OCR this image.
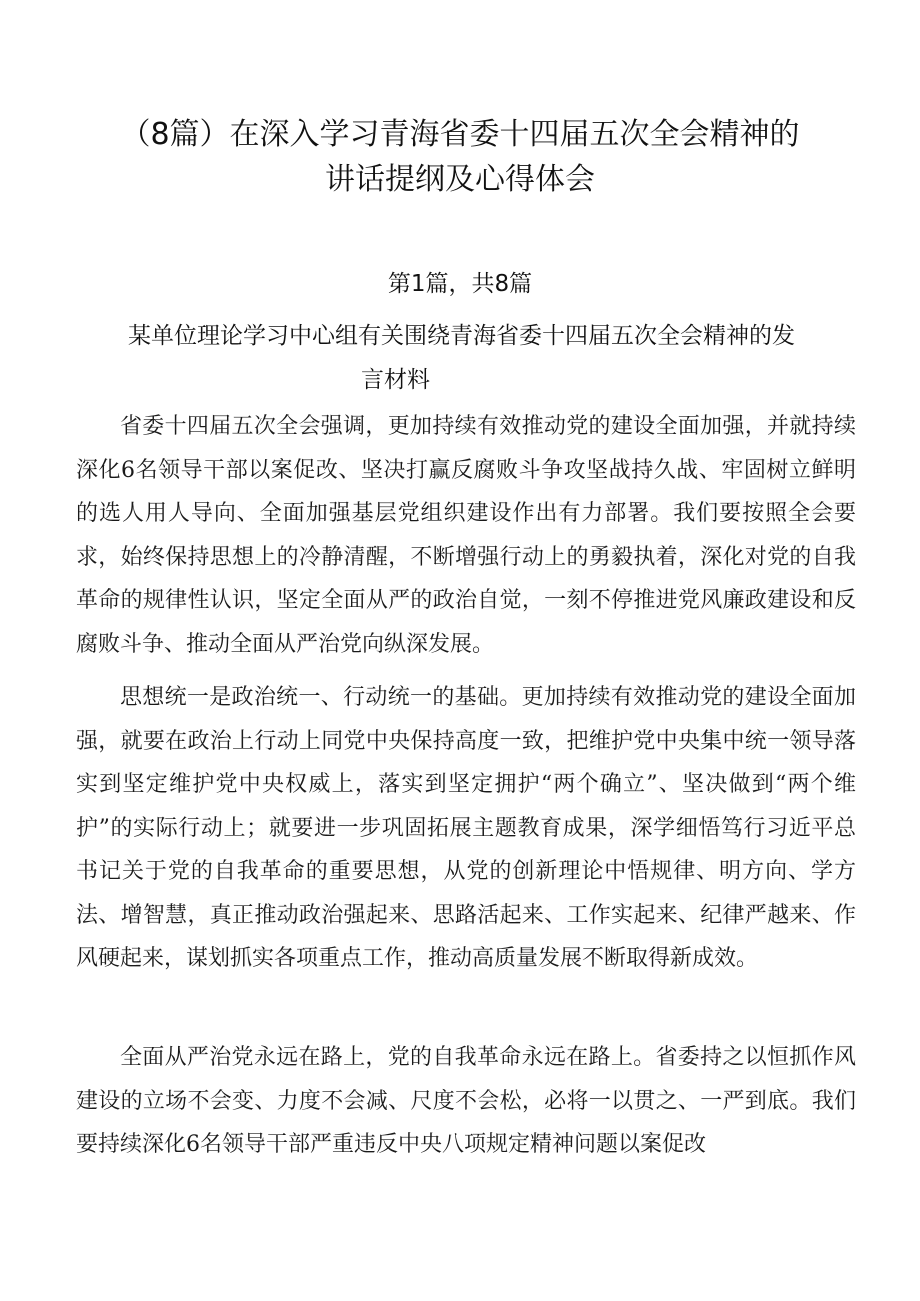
（8篇）在深入学习青海省委十四届五次全会精神的
讲话提纲及心得体会
第1篇，共8篇
某单位理论学习中心组有关围绕青海省委十四届五次全会精神的发
言材料

省委十四届五次全会强调，更加持续有效推动党的建设全面加强，并就持续深化6名领导干部以案促改、坚决打赢反腐败斗争攻坚战持久战、牢固树立鲜明的选人用人导向、全面加强基层党组织建设作出有力部署。我们要按照全会要求，始终保持思想上的冷静清醒，不断增强行动上的勇毅执着，深化对党的自我革命的规律性认识，坚定全面从严的政治自觉，一刻不停推进党风廉政建设和反腐败斗争、推动全面从严治党向纵深发展。

思想统一是政治统一、行动统一的基础。更加持续有效推动党的建设全面加强，就要在政治上行动上同党中央保持高度一致，把维护党中央集中统一领导落实到坚定维护党中央权威上，落实到坚定拥护“两个确立”、坚决做到“两个维护”的实际行动上；就要进一步巩固拓展主题教育成果，深学细悟笃行习近平总书记关于党的自我革命的重要思想，从党的创新理论中悟规律、明方向、学方法、增智慧，真正推动政治强起来、思路活起来、工作实起来、纪律严越来、作风硬起来，谋划抓实各项重点工作，推动高质量发展不断取得新成效。

全面从严治党永远在路上，党的自我革命永远在路上。省委持之以恒抓作风建设的立场不会变、力度不会减、尺度不会松，必将一以贯之、一严到底。我们要持续深化6名领导干部严重违反中央八项规定精神问题以案促改
